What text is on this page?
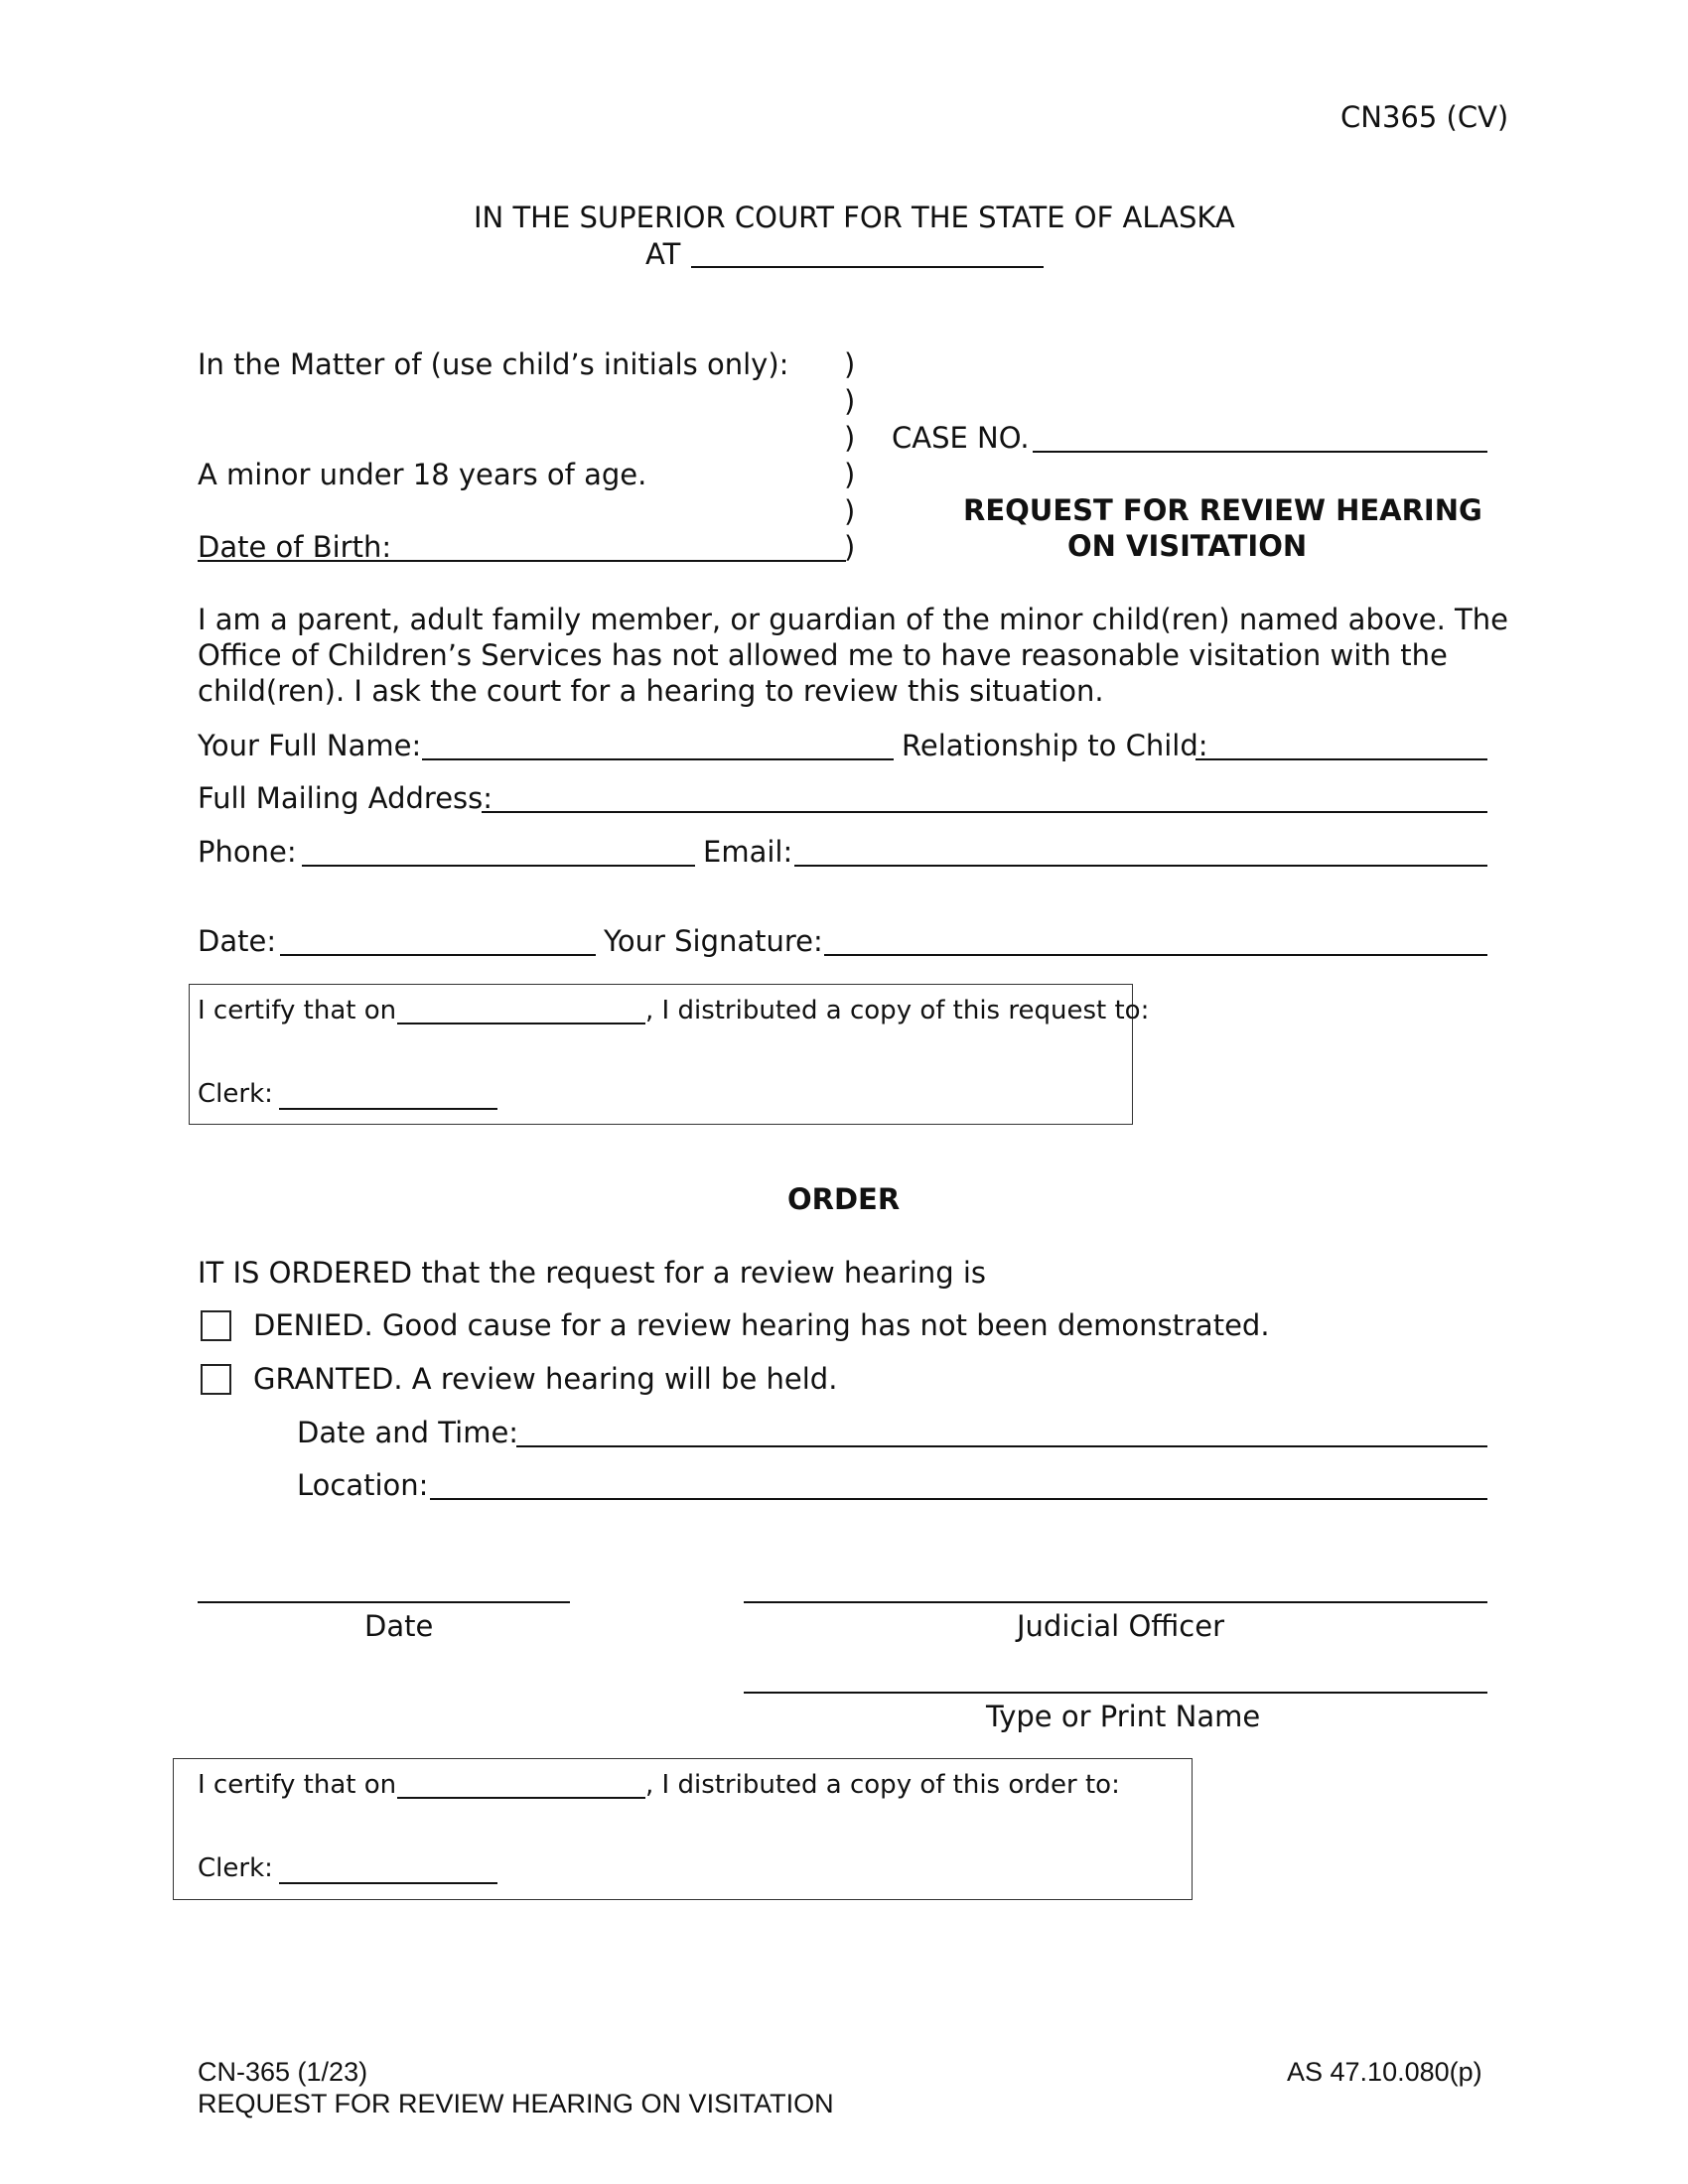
CN365 (CV)
IN THE SUPERIOR COURT FOR THE STATE OF ALASKA
AT
In the Matter of (use child’s initials only):
A minor under 18 years of age.
Date of Birth:
)
)
)
)
)
)
CASE NO.
REQUEST FOR REVIEW HEARING
ON VISITATION
I am a parent, adult family member, or guardian of the minor child(ren) named above. The Office of Children’s Services has not allowed me to have reasonable visitation with the child(ren). I ask the court for a hearing to review this situation.
Your Full Name:	Relationship to Child:
Full Mailing Address:
Phone:	Email:
Date:	Your Signature:
I certify that on	, I distributed a copy of this request to:
Clerk:
ORDER
IT IS ORDERED that the request for a review hearing is
DENIED. Good cause for a review hearing has not been demonstrated.
GRANTED. A review hearing will be held.
Date and Time:
Location:
Date	Judicial Officer
Type or Print Name
I certify that on	, I distributed a copy of this order to:
Clerk:
CN-365 (1/23)
REQUEST FOR REVIEW HEARING ON VISITATION
AS 47.10.080(p)
